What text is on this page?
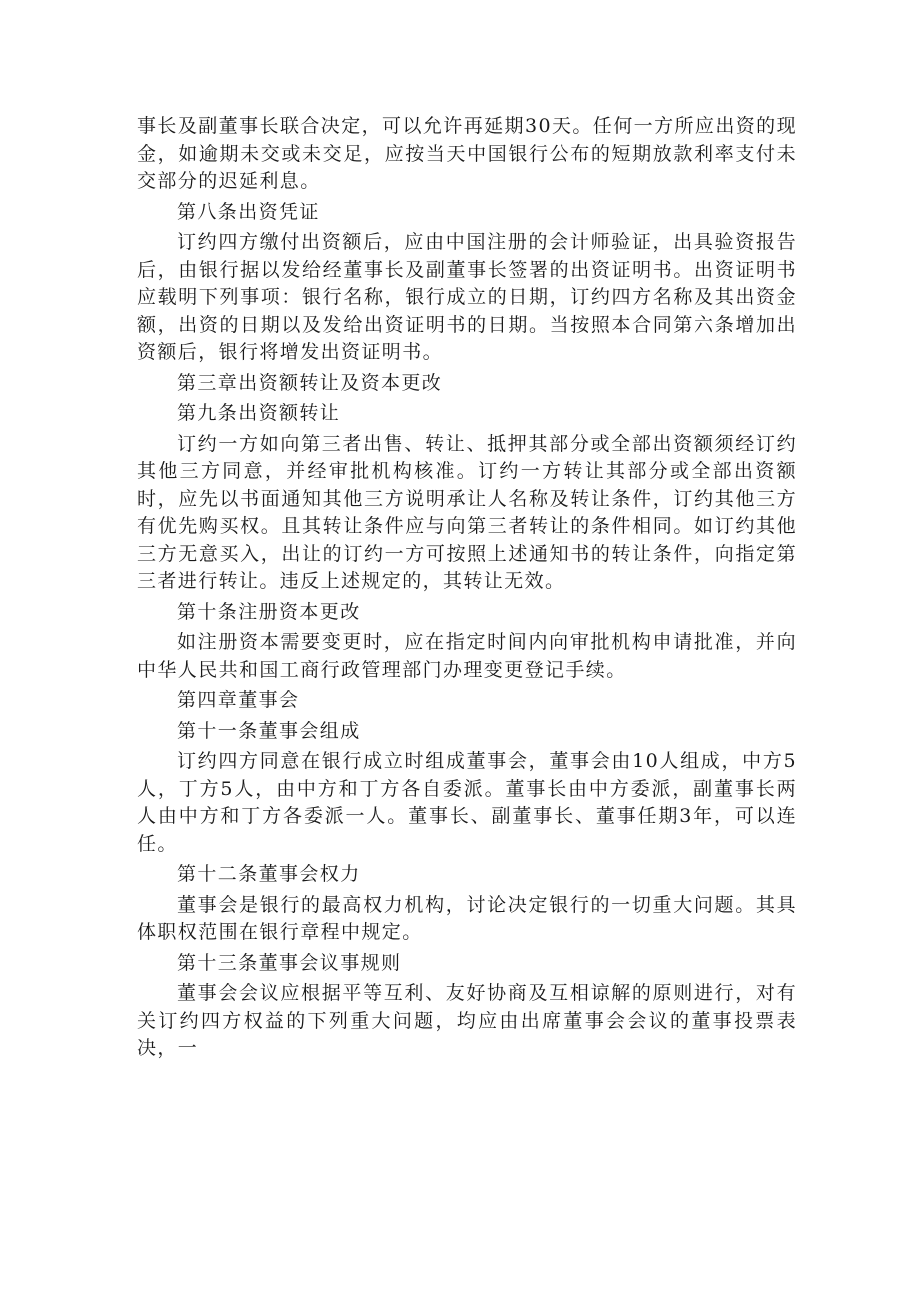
事长及副董事长联合决定，可以允许再延期30天。任何一方所应出资的现金，如逾期未交或未交足，应按当天中国银行公布的短期放款利率支付未交部分的迟延利息。

第八条出资凭证

订约四方缴付出资额后，应由中国注册的会计师验证，出具验资报告后，由银行据以发给经董事长及副董事长签署的出资证明书。出资证明书应载明下列事项：银行名称，银行成立的日期，订约四方名称及其出资金额，出资的日期以及发给出资证明书的日期。当按照本合同第六条增加出资额后，银行将增发出资证明书。

第三章出资额转让及资本更改

第九条出资额转让

订约一方如向第三者出售、转让、抵押其部分或全部出资额须经订约其他三方同意，并经审批机构核准。订约一方转让其部分或全部出资额时，应先以书面通知其他三方说明承让人名称及转让条件，订约其他三方有优先购买权。且其转让条件应与向第三者转让的条件相同。如订约其他三方无意买入，出让的订约一方可按照上述通知书的转让条件，向指定第三者进行转让。违反上述规定的，其转让无效。

第十条注册资本更改

如注册资本需要变更时，应在指定时间内向审批机构申请批准，并向中华人民共和国工商行政管理部门办理变更登记手续。

第四章董事会

第十一条董事会组成

订约四方同意在银行成立时组成董事会，董事会由10人组成，中方5人，丁方5人，由中方和丁方各自委派。董事长由中方委派，副董事长两人由中方和丁方各委派一人。董事长、副董事长、董事任期3年，可以连任。

第十二条董事会权力

董事会是银行的最高权力机构，讨论决定银行的一切重大问题。其具体职权范围在银行章程中规定。

第十三条董事会议事规则

董事会会议应根据平等互利、友好协商及互相谅解的原则进行，对有关订约四方权益的下列重大问题，均应由出席董事会会议的董事投票表决，一
